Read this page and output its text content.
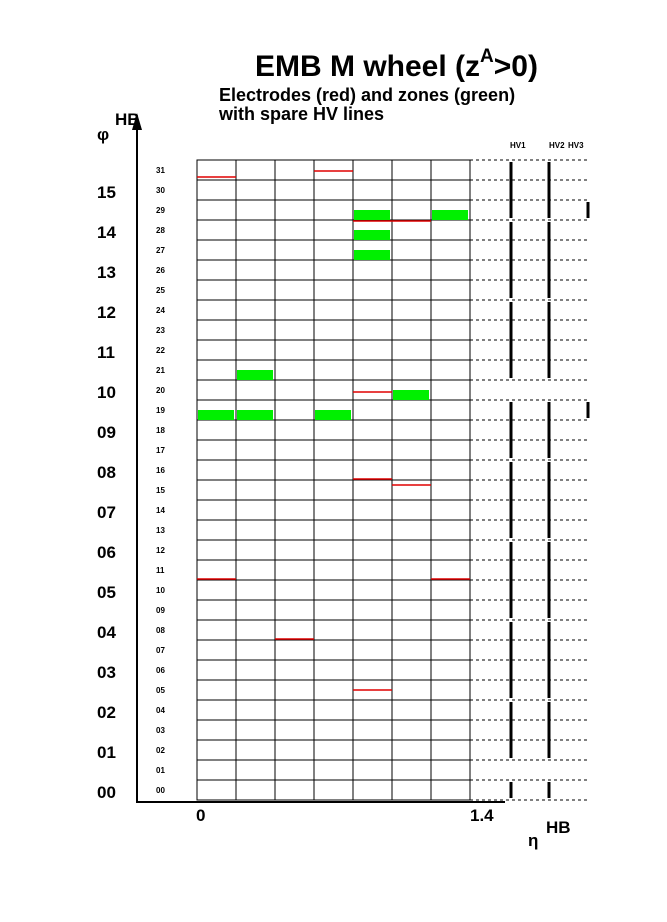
EMB M wheel $(z^A>0)$
Electrodes (red) and zones (green)
with spare HV lines
00
01
02
03
04
05
06
07
08
09
10
11
12
13
14
15
00
01
02
03
04
05
06
07
08
09
10
11
12
13
14
15
16
17
18
19
20
21
22
23
24
25
26
27
28
29
30
31
φ
HB
η
HB
0	1.4
HV1	HV2 HV3
